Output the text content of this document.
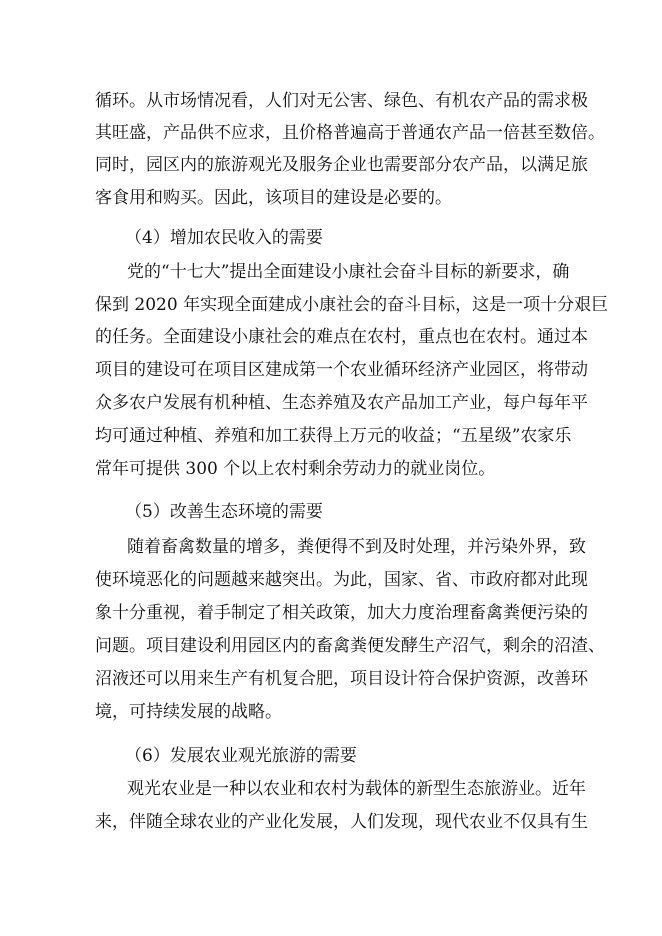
循环。从市场情况看，人们对无公害、绿色、有机农产品的需求极
其旺盛，产品供不应求，且价格普遍高于普通农产品一倍甚至数倍。
同时，园区内的旅游观光及服务企业也需要部分农产品，以满足旅
客食用和购买。因此，该项目的建设是必要的。
（4）增加农民收入的需要
党的“十七大”提出全面建设小康社会奋斗目标的新要求，确
保到 2020 年实现全面建成小康社会的奋斗目标，这是一项十分艰巨
的任务。全面建设小康社会的难点在农村，重点也在农村。通过本
项目的建设可在项目区建成第一个农业循环经济产业园区，将带动
众多农户发展有机种植、生态养殖及农产品加工产业，每户每年平
均可通过种植、养殖和加工获得上万元的收益；“五星级”农家乐
常年可提供 300 个以上农村剩余劳动力的就业岗位。
（5）改善生态环境的需要
随着畜禽数量的增多，粪便得不到及时处理，并污染外界，致
使环境恶化的问题越来越突出。为此，国家、省、市政府都对此现
象十分重视，着手制定了相关政策，加大力度治理畜禽粪便污染的
问题。项目建设利用园区内的畜禽粪便发酵生产沼气，剩余的沼渣、
沼液还可以用来生产有机复合肥，项目设计符合保护资源，改善环
境，可持续发展的战略。
（6）发展农业观光旅游的需要
观光农业是一种以农业和农村为载体的新型生态旅游业。近年
来，伴随全球农业的产业化发展，人们发现，现代农业不仅具有生
